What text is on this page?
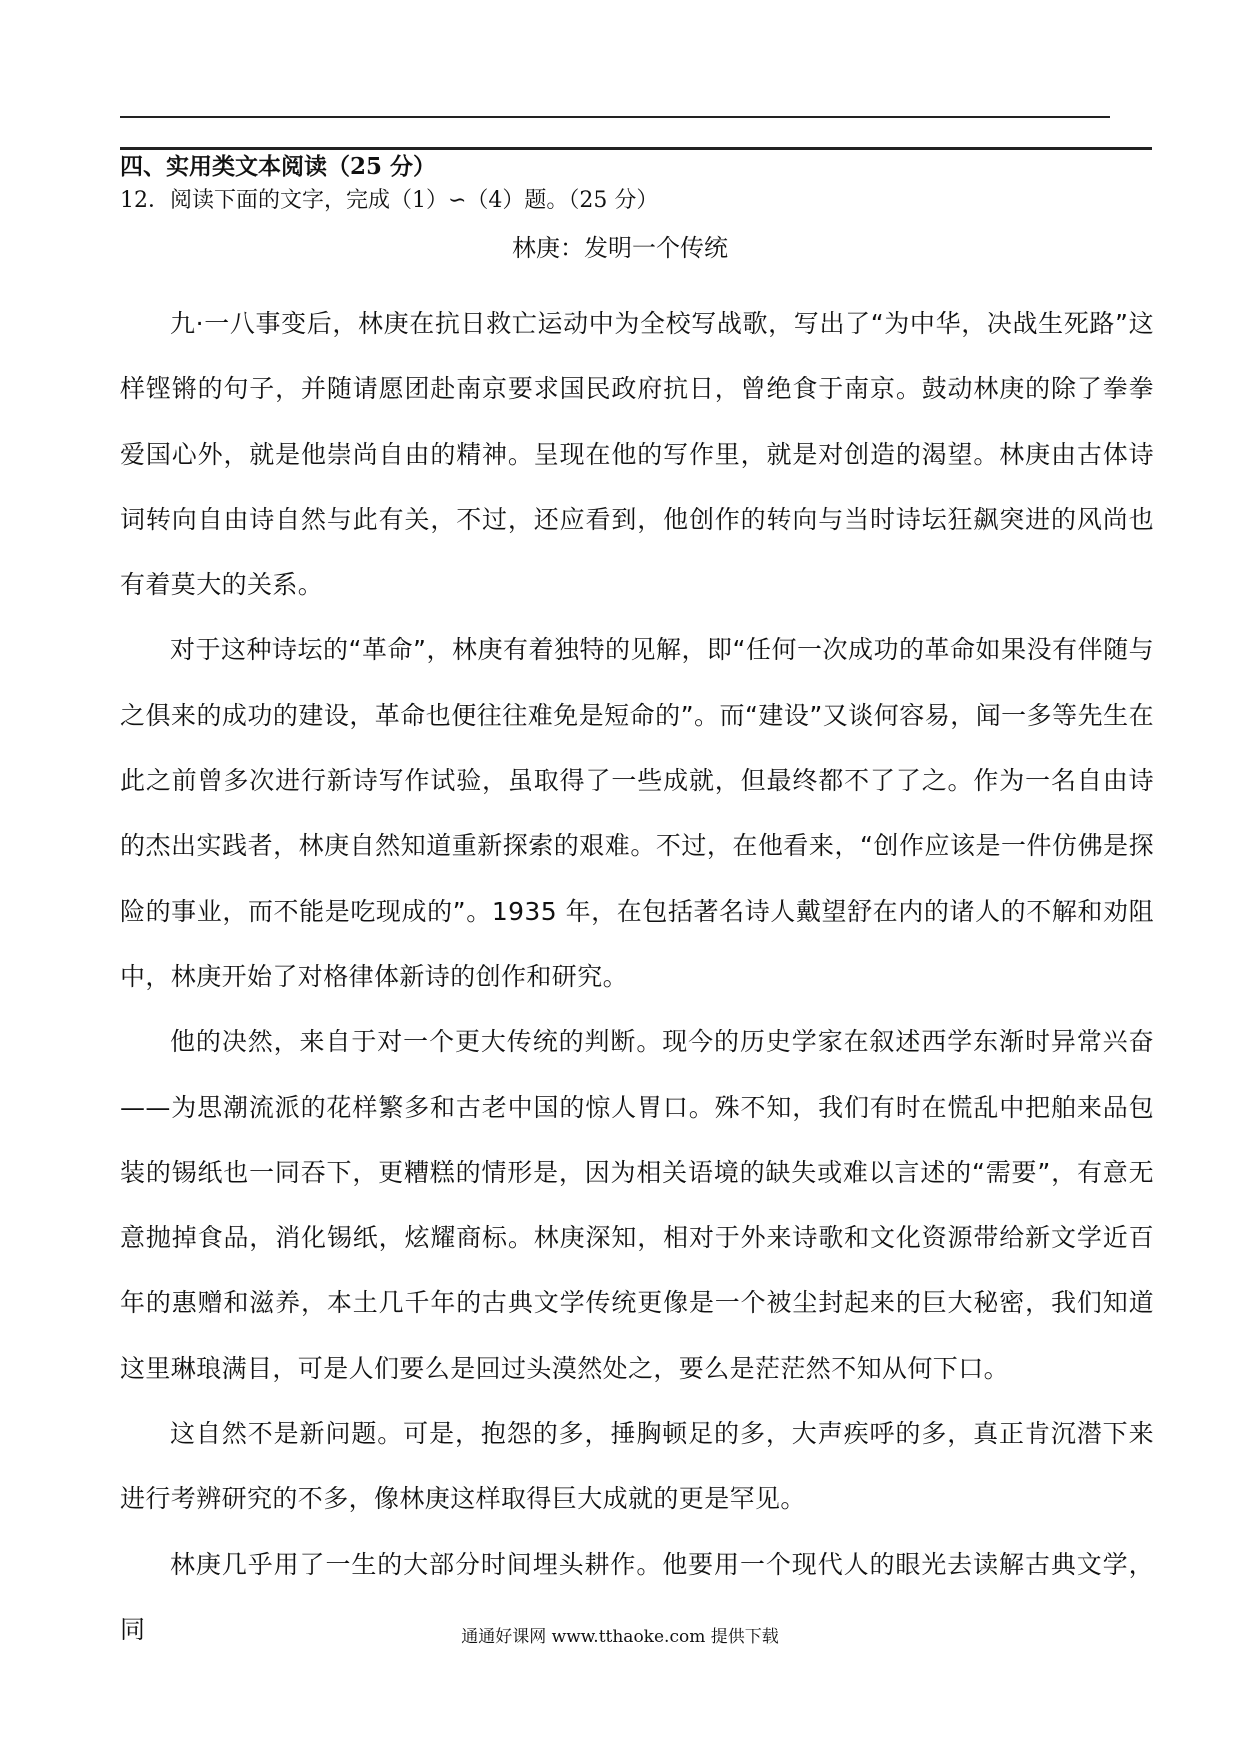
四、实用类文本阅读（25 分）
12．阅读下面的文字，完成（1）∽（4）题。（25 分）
林庚：发明一个传统

九·一八事变后，林庚在抗日救亡运动中为全校写战歌，写出了“为中华，决战生死路”这样铿锵的句子，并随请愿团赴南京要求国民政府抗日，曾绝食于南京。鼓动林庚的除了拳拳爱国心外，就是他崇尚自由的精神。呈现在他的写作里，就是对创造的渴望。林庚由古体诗词转向自由诗自然与此有关，不过，还应看到，他创作的转向与当时诗坛狂飙突进的风尚也有着莫大的关系。

对于这种诗坛的“革命”，林庚有着独特的见解，即“任何一次成功的革命如果没有伴随与之俱来的成功的建设，革命也便往往难免是短命的”。而“建设”又谈何容易，闻一多等先生在此之前曾多次进行新诗写作试验，虽取得了一些成就，但最终都不了了之。作为一名自由诗的杰出实践者，林庚自然知道重新探索的艰难。不过，在他看来，“创作应该是一件仿佛是探险的事业，而不能是吃现成的”。1935 年，在包括著名诗人戴望舒在内的诸人的不解和劝阻中，林庚开始了对格律体新诗的创作和研究。

他的决然，来自于对一个更大传统的判断。现今的历史学家在叙述西学东渐时异常兴奋——为思潮流派的花样繁多和古老中国的惊人胃口。殊不知，我们有时在慌乱中把舶来品包装的锡纸也一同吞下，更糟糕的情形是，因为相关语境的缺失或难以言述的“需要”，有意无意抛掉食品，消化锡纸，炫耀商标。林庚深知，相对于外来诗歌和文化资源带给新文学近百年的惠赠和滋养，本土几千年的古典文学传统更像是一个被尘封起来的巨大秘密，我们知道这里琳琅满目，可是人们要么是回过头漠然处之，要么是茫茫然不知从何下口。

这自然不是新问题。可是，抱怨的多，捶胸顿足的多，大声疾呼的多，真正肯沉潜下来进行考辨研究的不多，像林庚这样取得巨大成就的更是罕见。

林庚几乎用了一生的大部分时间埋头耕作。他要用一个现代人的眼光去读解古典文学，同	通通好课网 www.tthaoke.com 提供下载
